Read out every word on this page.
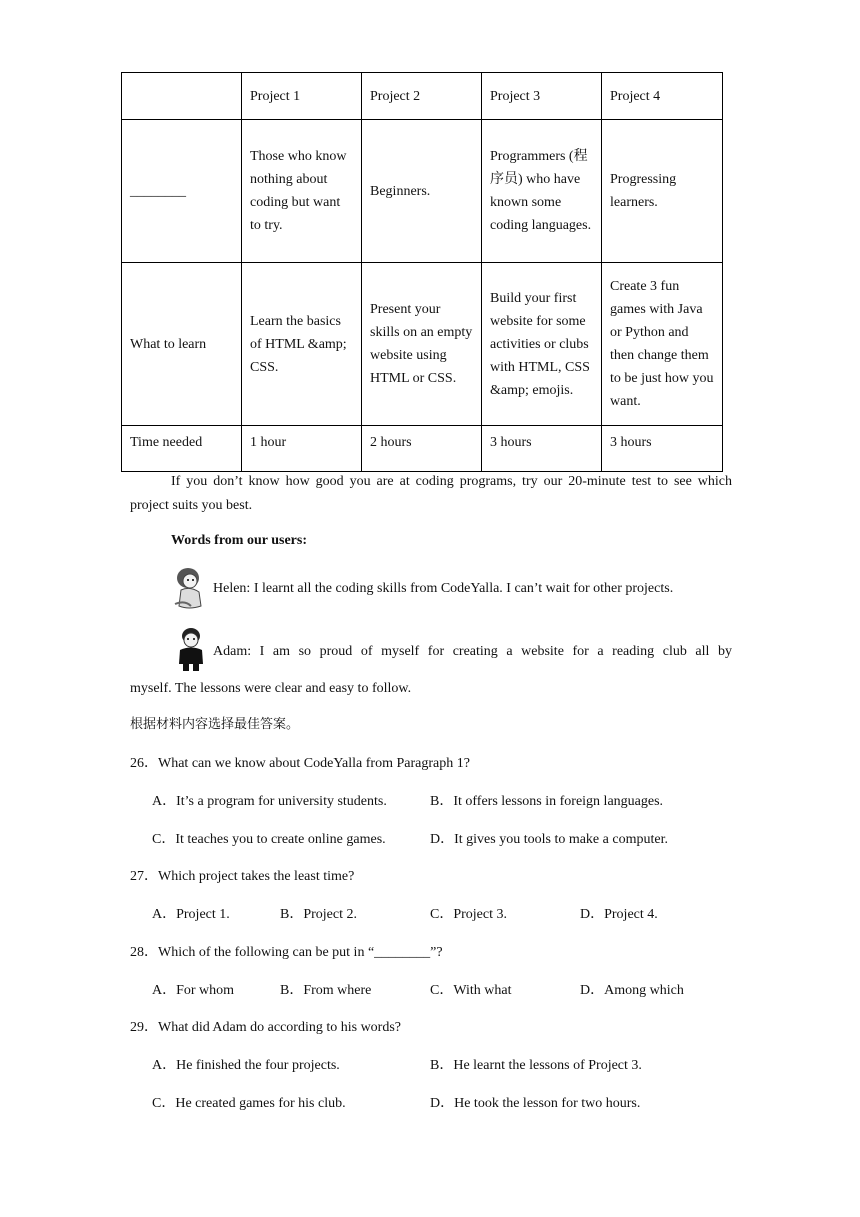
	Project 1	Project 2	Project 3	Project 4
________	Those who know nothing about coding but want to try.	Beginners.	Programmers (程序员) who have known some coding languages.	Progressing learners.
What to learn	Learn the basics of HTML &amp; CSS.	Present your skills on an empty website using HTML or CSS.	Build your first website for some activities or clubs with HTML, CSS &amp; emojis.	Create 3 fun games with Java or Python and then change them to be just how you want.
Time needed	1 hour	2 hours	3 hours	3 hours
If you don’t know how good you are at coding programs, try our 20-minute test to see which project suits you best.
Words from our users:
Helen: I learnt all the coding skills from CodeYalla. I can’t wait for other projects.
Adam: I am so proud of myself for creating a website for a reading club all by
myself. The lessons were clear and easy to follow.
根据材料内容选择最佳答案。
26．What can we know about CodeYalla from Paragraph 1?
A．It’s a program for university students.	B．It offers lessons in foreign languages.
C．It teaches you to create online games.	D．It gives you tools to make a computer.
27．Which project takes the least time?
A．Project 1.	B．Project 2.	C．Project 3.	D．Project 4.
28．Which of the following can be put in “________”?
A．For whom	B．From where	C．With what	D．Among which
29．What did Adam do according to his words?
A．He finished the four projects.	B．He learnt the lessons of Project 3.
C．He created games for his club.	D．He took the lesson for two hours.
